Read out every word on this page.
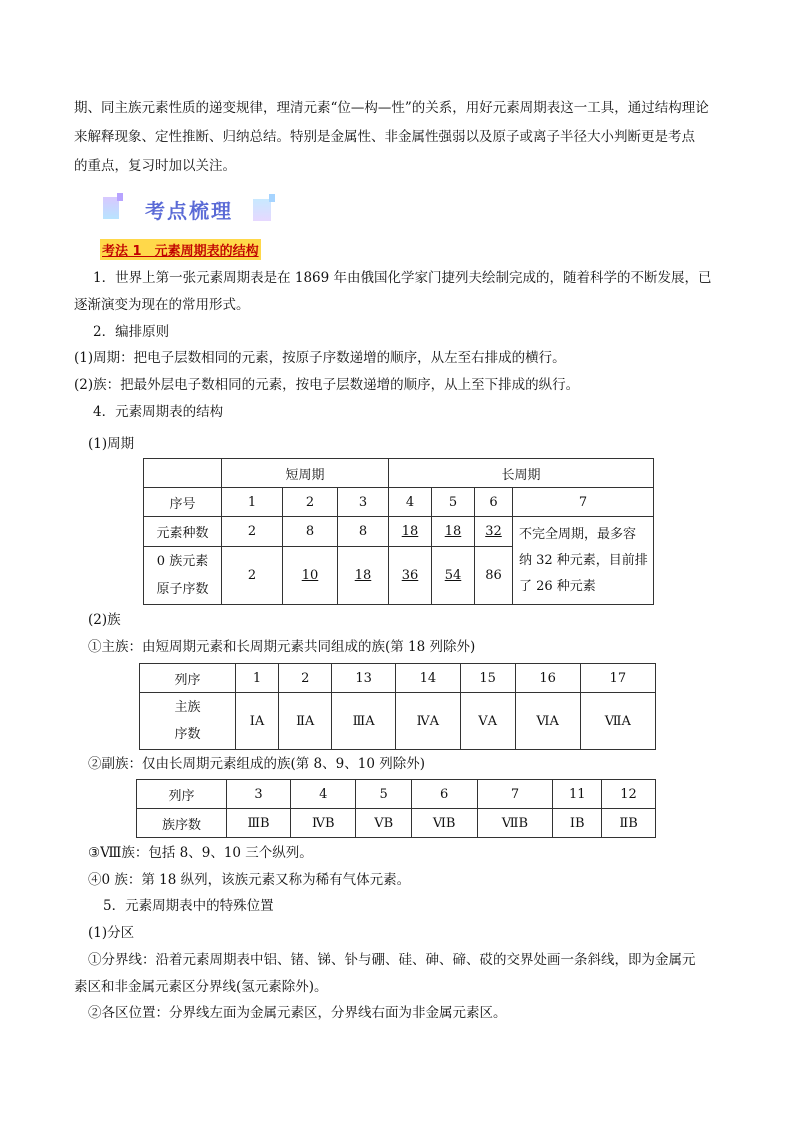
期、同主族元素性质的递变规律，理清元素“位—构—性”的关系，用好元素周期表这一工具，通过结构理论
来解释现象、定性推断、归纳总结。特别是金属性、非金属性强弱以及原子或离子半径大小判断更是考点
的重点，复习时加以关注。
考点梳理
考法 1　元素周期表的结构
1．世界上第一张元素周期表是在 1869 年由俄国化学家门捷列夫绘制完成的，随着科学的不断发展，已
逐渐演变为现在的常用形式。
2．编排原则
(1)周期：把电子层数相同的元素，按原子序数递增的顺序，从左至右排成的横行。
(2)族：把最外层电子数相同的元素，按电子层数递增的顺序，从上至下排成的纵行。
4．元素周期表的结构
(1)周期
	短周期			长周期			
序号	1	2	3	4	5	6	7
元素种数	2	8	8	18	18	32	不完全周期，最多容
纳 32 种元素，目前排
了 26 种元素

0 族元素
原子序数	2	10	18	36	54	86	
(2)族
①主族：由短周期元素和长周期元素共同组成的族(第 18 列除外)
列序	1	2	13	14	15	16	17

主族
序数	ⅠA	ⅡA	ⅢA	ⅣA	ⅤA	ⅥA	ⅦA
②副族：仅由长周期元素组成的族(第 8、9、10 列除外)
列序	3	4	5	6	7	11	12
族序数	ⅢB	ⅣB	ⅤB	ⅥB	ⅦB	ⅠB	ⅡB
③Ⅷ族：包括 8、9、10 三个纵列。
④0 族：第 18 纵列，该族元素又称为稀有气体元素。
5．元素周期表中的特殊位置
(1)分区
①分界线：沿着元素周期表中铝、锗、锑、钋与硼、硅、砷、碲、砹的交界处画一条斜线，即为金属元
素区和非金属元素区分界线(氢元素除外)。
②各区位置：分界线左面为金属元素区，分界线右面为非金属元素区。
